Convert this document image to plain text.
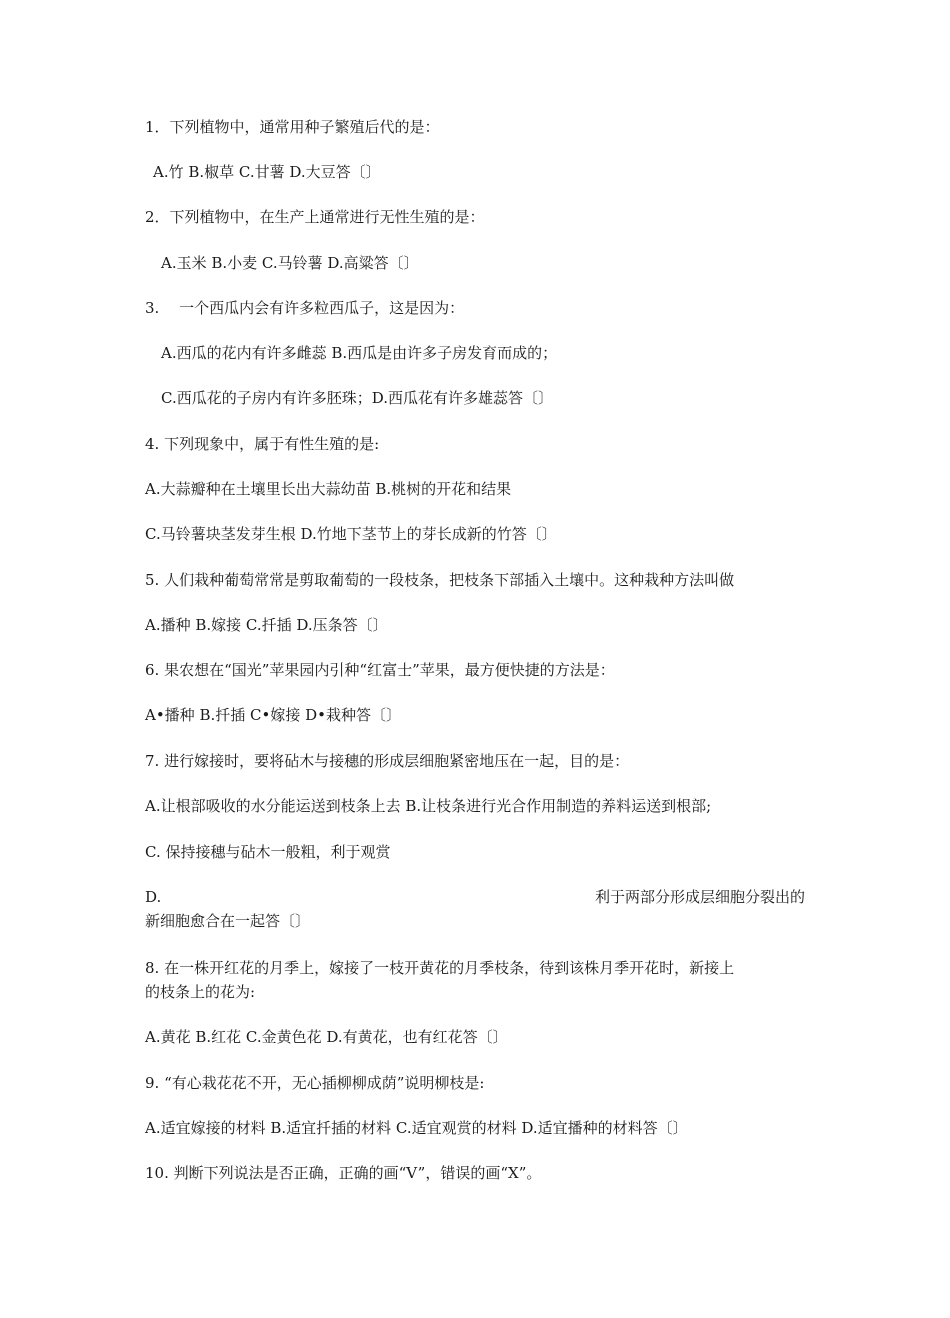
1．下列植物中，通常用种子繁殖后代的是：
A.竹 B.椒草 C.甘薯 D.大豆答〔〕
2．下列植物中，在生产上通常进行无性生殖的是：
A.玉米 B.小麦 C.马铃薯 D.高粱答〔〕
3.　 一个西瓜内会有许多粒西瓜子，这是因为：
A.西瓜的花内有许多雌蕊 B.西瓜是由许多子房发育而成的；
C.西瓜花的子房内有许多胚珠；D.西瓜花有许多雄蕊答〔〕
4. 下列现象中，属于有性生殖的是:
A.大蒜瓣种在土壤里长出大蒜幼苗 B.桃树的开花和结果
C.马铃薯块茎发芽生根 D.竹地下茎节上的芽长成新的竹答〔〕
5. 人们栽种葡萄常常是剪取葡萄的一段枝条，把枝条下部插入土壤中。这种栽种方法叫做
A.播种 B.嫁接 C.扦插 D.压条答〔〕
6. 果农想在“国光”苹果园内引种“红富士”苹果，最方便快捷的方法是：
A•播种 B.扦插 C•嫁接 D•栽种答〔〕
7. 进行嫁接时，要将砧木与接穗的形成层细胞紧密地压在一起，目的是：
A.让根部吸收的水分能运送到枝条上去 B.让枝条进行光合作用制造的养料运送到根部;
C. 保持接穗与砧木一般粗，利于观赏
D.	利于两部分形成层细胞分裂出的
新细胞愈合在一起答〔〕
8. 在一株开红花的月季上，嫁接了一枝开黄花的月季枝条，待到该株月季开花时，新接上
的枝条上的花为:
A.黄花 B.红花 C.金黄色花 D.有黄花，也有红花答〔〕
9. “有心栽花花不开，无心插柳柳成荫”说明柳枝是:
A.适宜嫁接的材料 B.适宜扦插的材料 C.适宜观赏的材料 D.适宜播种的材料答〔〕
10. 判断下列说法是否正确，正确的画“V”，错误的画“X”。
